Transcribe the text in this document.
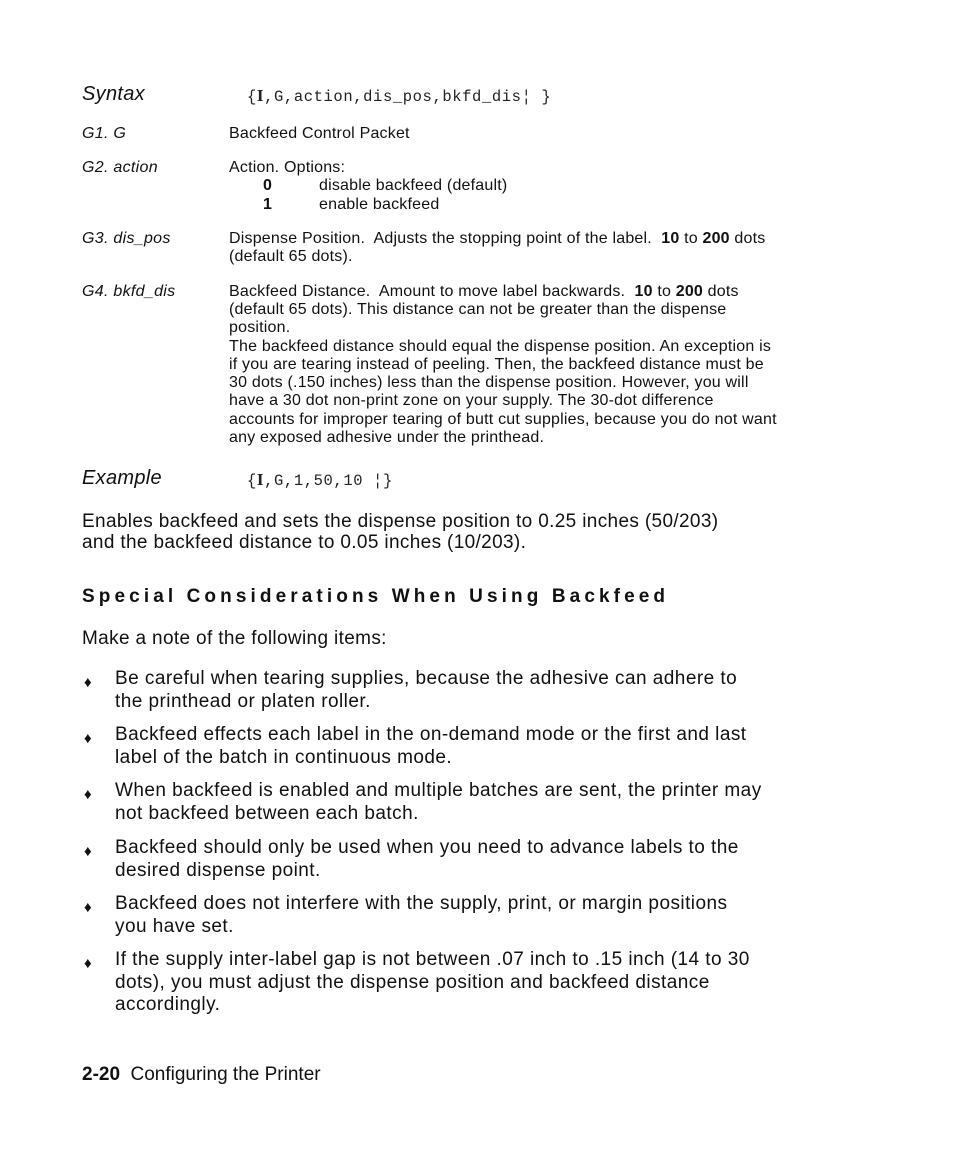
Syntax	{I,G,action,dis_pos,bkfd_dis¦ }
G1. G	Backfeed Control Packet
G2. action	Action. Options:
0	disable backfeed (default)
1	enable backfeed
G3. dis_pos	Dispense Position.  Adjusts the stopping point of the label.  10 to 200 dots
(default 65 dots).
G4. bkfd_dis	Backfeed Distance.  Amount to move label backwards.  10 to 200 dots
(default 65 dots). This distance can not be greater than the dispense
position.
The backfeed distance should equal the dispense position. An exception is
if you are tearing instead of peeling. Then, the backfeed distance must be
30 dots (.150 inches) less than the dispense position. However, you will
have a 30 dot non-print zone on your supply. The 30-dot difference
accounts for improper tearing of butt cut supplies, because you do not want
any exposed adhesive under the printhead.
Example	{I,G,1,50,10 ¦}
Enables backfeed and sets the dispense position to 0.25 inches (50/203)
and the backfeed distance to 0.05 inches (10/203).
Special Considerations When Using Backfeed
Make a note of the following items:
♦ Be careful when tearing supplies, because the adhesive can adhere to
the printhead or platen roller.
♦ Backfeed effects each label in the on-demand mode or the first and last
label of the batch in continuous mode.
♦ When backfeed is enabled and multiple batches are sent, the printer may
not backfeed between each batch.
♦ Backfeed should only be used when you need to advance labels to the
desired dispense point.
♦ Backfeed does not interfere with the supply, print, or margin positions
you have set.
♦ If the supply inter-label gap is not between .07 inch to .15 inch (14 to 30
dots), you must adjust the dispense position and backfeed distance
accordingly.
2-20 Configuring the Printer
